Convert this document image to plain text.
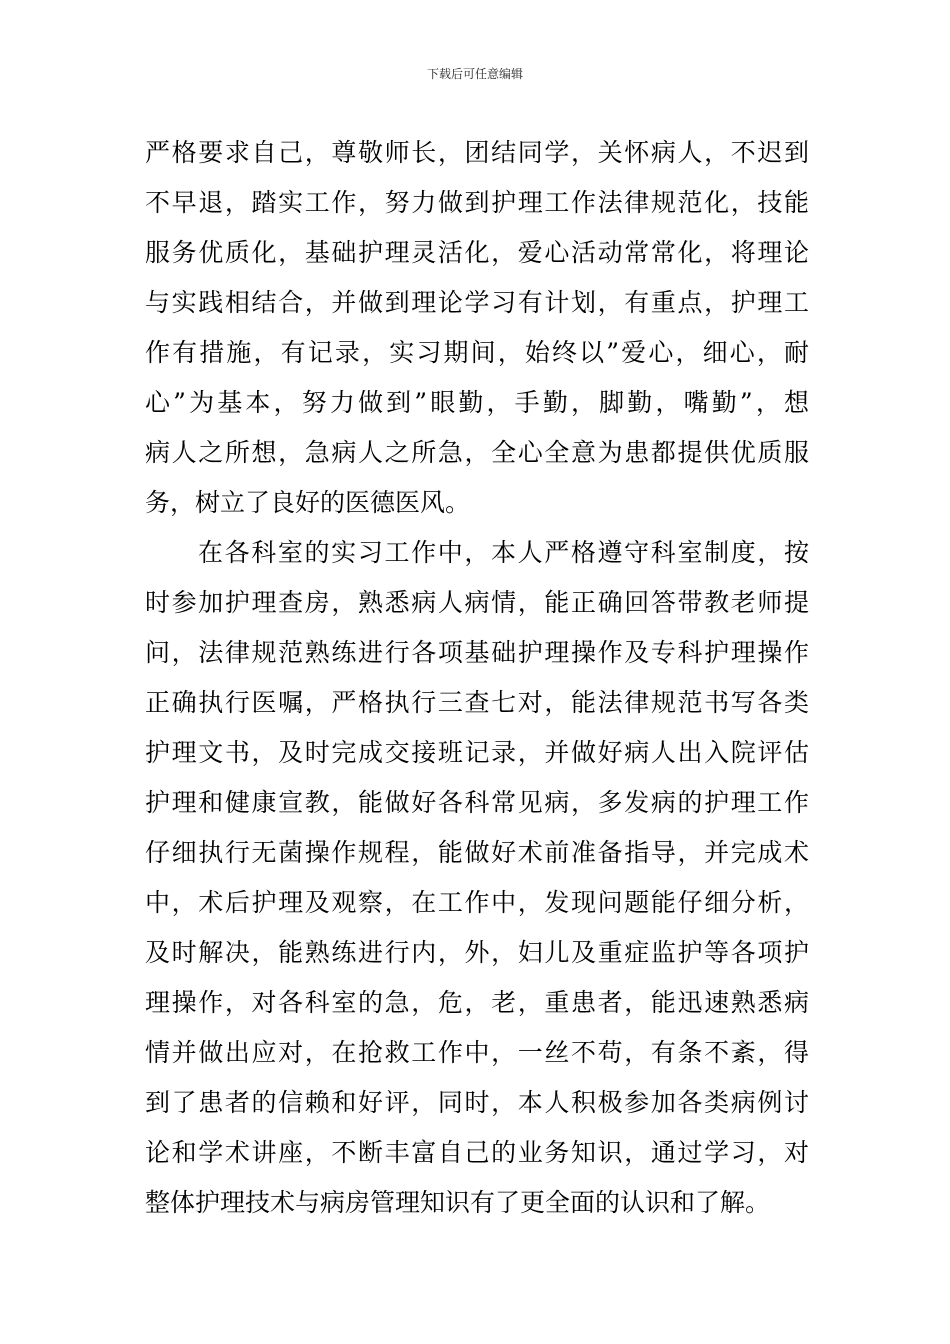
下载后可任意编辑
严格要求自己，尊敬师长，团结同学，关怀病人，不迟到
不早退，踏实工作，努力做到护理工作法律规范化，技能
服务优质化，基础护理灵活化，爱心活动常常化，将理论
与实践相结合，并做到理论学习有计划，有重点，护理工
作有措施，有记录，实习期间，始终以”爱心，细心，耐
心”为基本，努力做到”眼勤，手勤，脚勤，嘴勤”，想
病人之所想，急病人之所急，全心全意为患都提供优质服
务，树立了良好的医德医风。
在各科室的实习工作中，本人严格遵守科室制度，按
时参加护理查房，熟悉病人病情，能正确回答带教老师提
问，法律规范熟练进行各项基础护理操作及专科护理操作
正确执行医嘱，严格执行三查七对，能法律规范书写各类
护理文书，及时完成交接班记录，并做好病人出入院评估
护理和健康宣教，能做好各科常见病，多发病的护理工作
仔细执行无菌操作规程，能做好术前准备指导，并完成术
中，术后护理及观察，在工作中，发现问题能仔细分析，
及时解决，能熟练进行内，外，妇儿及重症监护等各项护
理操作，对各科室的急，危，老，重患者，能迅速熟悉病
情并做出应对，在抢救工作中，一丝不苟，有条不紊，得
到了患者的信赖和好评，同时，本人积极参加各类病例讨
论和学术讲座，不断丰富自己的业务知识，通过学习，对
整体护理技术与病房管理知识有了更全面的认识和了解。
